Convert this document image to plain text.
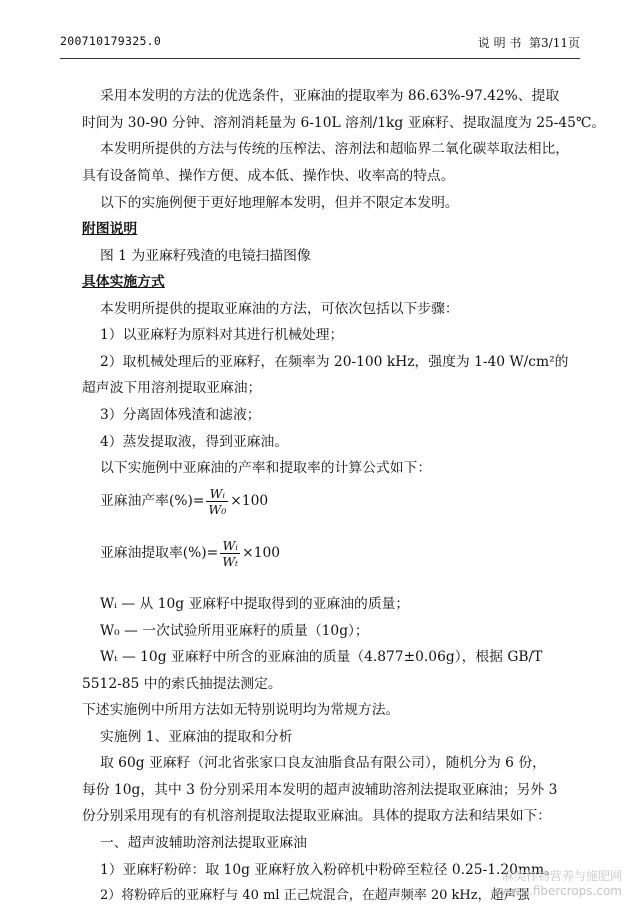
200710179325.0	说 明 书 第3/11页
采用本发明的方法的优选条件，亚麻油的提取率为 86.63%-97.42%、提取
时间为 30-90 分钟、溶剂消耗量为 6-10L 溶剂/1kg 亚麻籽、提取温度为 25-45℃。
本发明所提供的方法与传统的压榨法、溶剂法和超临界二氧化碳萃取法相比，
具有设备简单、操作方便、成本低、操作快、收率高的特点。
以下的实施例便于更好地理解本发明，但并不限定本发明。
附图说明
图 1 为亚麻籽残渣的电镜扫描图像
具体实施方式
本发明所提供的提取亚麻油的方法，可依次包括以下步骤：
1）以亚麻籽为原料对其进行机械处理；
2）取机械处理后的亚麻籽，在频率为 20-100 kHz，强度为 1-40 W/cm²的
超声波下用溶剂提取亚麻油；
3）分离固体残渣和滤液；
4）蒸发提取液，得到亚麻油。
以下实施例中亚麻油的产率和提取率的计算公式如下：
亚麻油产率(%)= $\frac{\text{Wᵢ}}{\text{W₀}} \times 100$
亚麻油提取率(%)= $\frac{\text{Wᵢ}}{\text{Wₜ}} \times 100$
Wᵢ — 从 10g 亚麻籽中提取得到的亚麻油的质量；
W₀ — 一次试验所用亚麻籽的质量（10g）；
Wₜ — 10g 亚麻籽中所含的亚麻油的质量（4.877±0.06g），根据 GB/T
5512-85 中的索氏抽提法测定。
下述实施例中所用方法如无特别说明均为常规方法。
实施例 1、亚麻油的提取和分析
取 60g 亚麻籽（河北省张家口良友油脂食品有限公司），随机分为 6 份，
每份 10g，其中 3 份分别采用本发明的超声波辅助溶剂法提取亚麻油；另外 3
份分别采用现有的有机溶剂提取法提取亚麻油。具体的提取方法和结果如下：
一、超声波辅助溶剂法提取亚麻油
1）亚麻籽粉碎：取 10g 亚麻籽放入粉碎机中粉碎至粒径 0.25-1.20mm。
2）将粉碎后的亚麻籽与 40 ml 正己烷混合，在超声频率 20 kHz，超声强
麻类作物营养与施肥网
www.fibercrops.com
